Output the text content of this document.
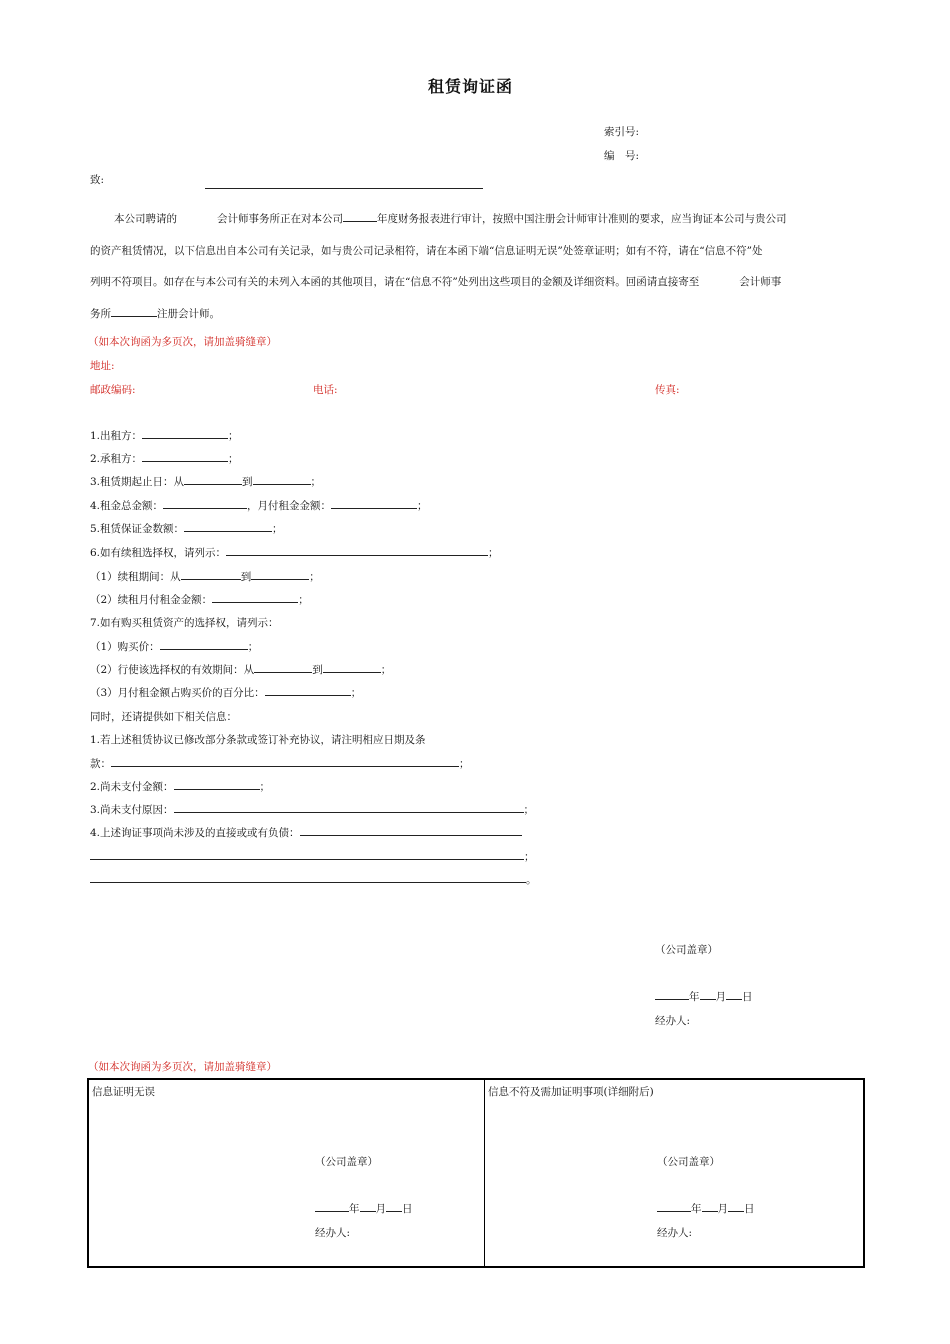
租赁询证函
索引号:
编　号:
致:
本公司聘请的	会计师事务所正在对本公司	年度财务报表进行审计，按照中国注册会计师审计准则的要求，应当询证本公司与贵公司
的资产租赁情况，以下信息出自本公司有关记录，如与贵公司记录相符，请在本函下端“信息证明无误”处签章证明；如有不符，请在“信息不符”处
列明不符项目。如存在与本公司有关的未列入本函的其他项目，请在“信息不符”处列出这些项目的金额及详细资料。回函请直接寄至	会计师事
务所	注册会计师。
（如本次询函为多页次，请加盖骑缝章）
地址:
邮政编码:	电话:	传真:
1.出租方：	；
2.承租方：	；
3.租赁期起止日：从	到	；
4.租金总金额：	，月付租金金额：	；
5.租赁保证金数额：	；
6.如有续租选择权，请列示：	；
（1）续租期间：从	到	；
（2）续租月付租金金额：	；
7.如有购买租赁资产的选择权，请列示：
（1）购买价：	；
（2）行使该选择权的有效期间：从	到	；
（3）月付租金额占购买价的百分比：	；
同时，还请提供如下相关信息：
1.若上述租赁协议已修改部分条款或签订补充协议，请注明相应日期及条
款：	；
2.尚未支付金额：	；
3.尚未支付原因：	；
4.上述询证事项尚未涉及的直接或或有负债：
；
。
（公司盖章）
年 月 日
经办人:
（如本次询函为多页次，请加盖骑缝章）
信息证明无误
（公司盖章）
年 月 日
经办人:
信息不符及需加证明事项(详细附后)
（公司盖章）
年 月 日
经办人:
